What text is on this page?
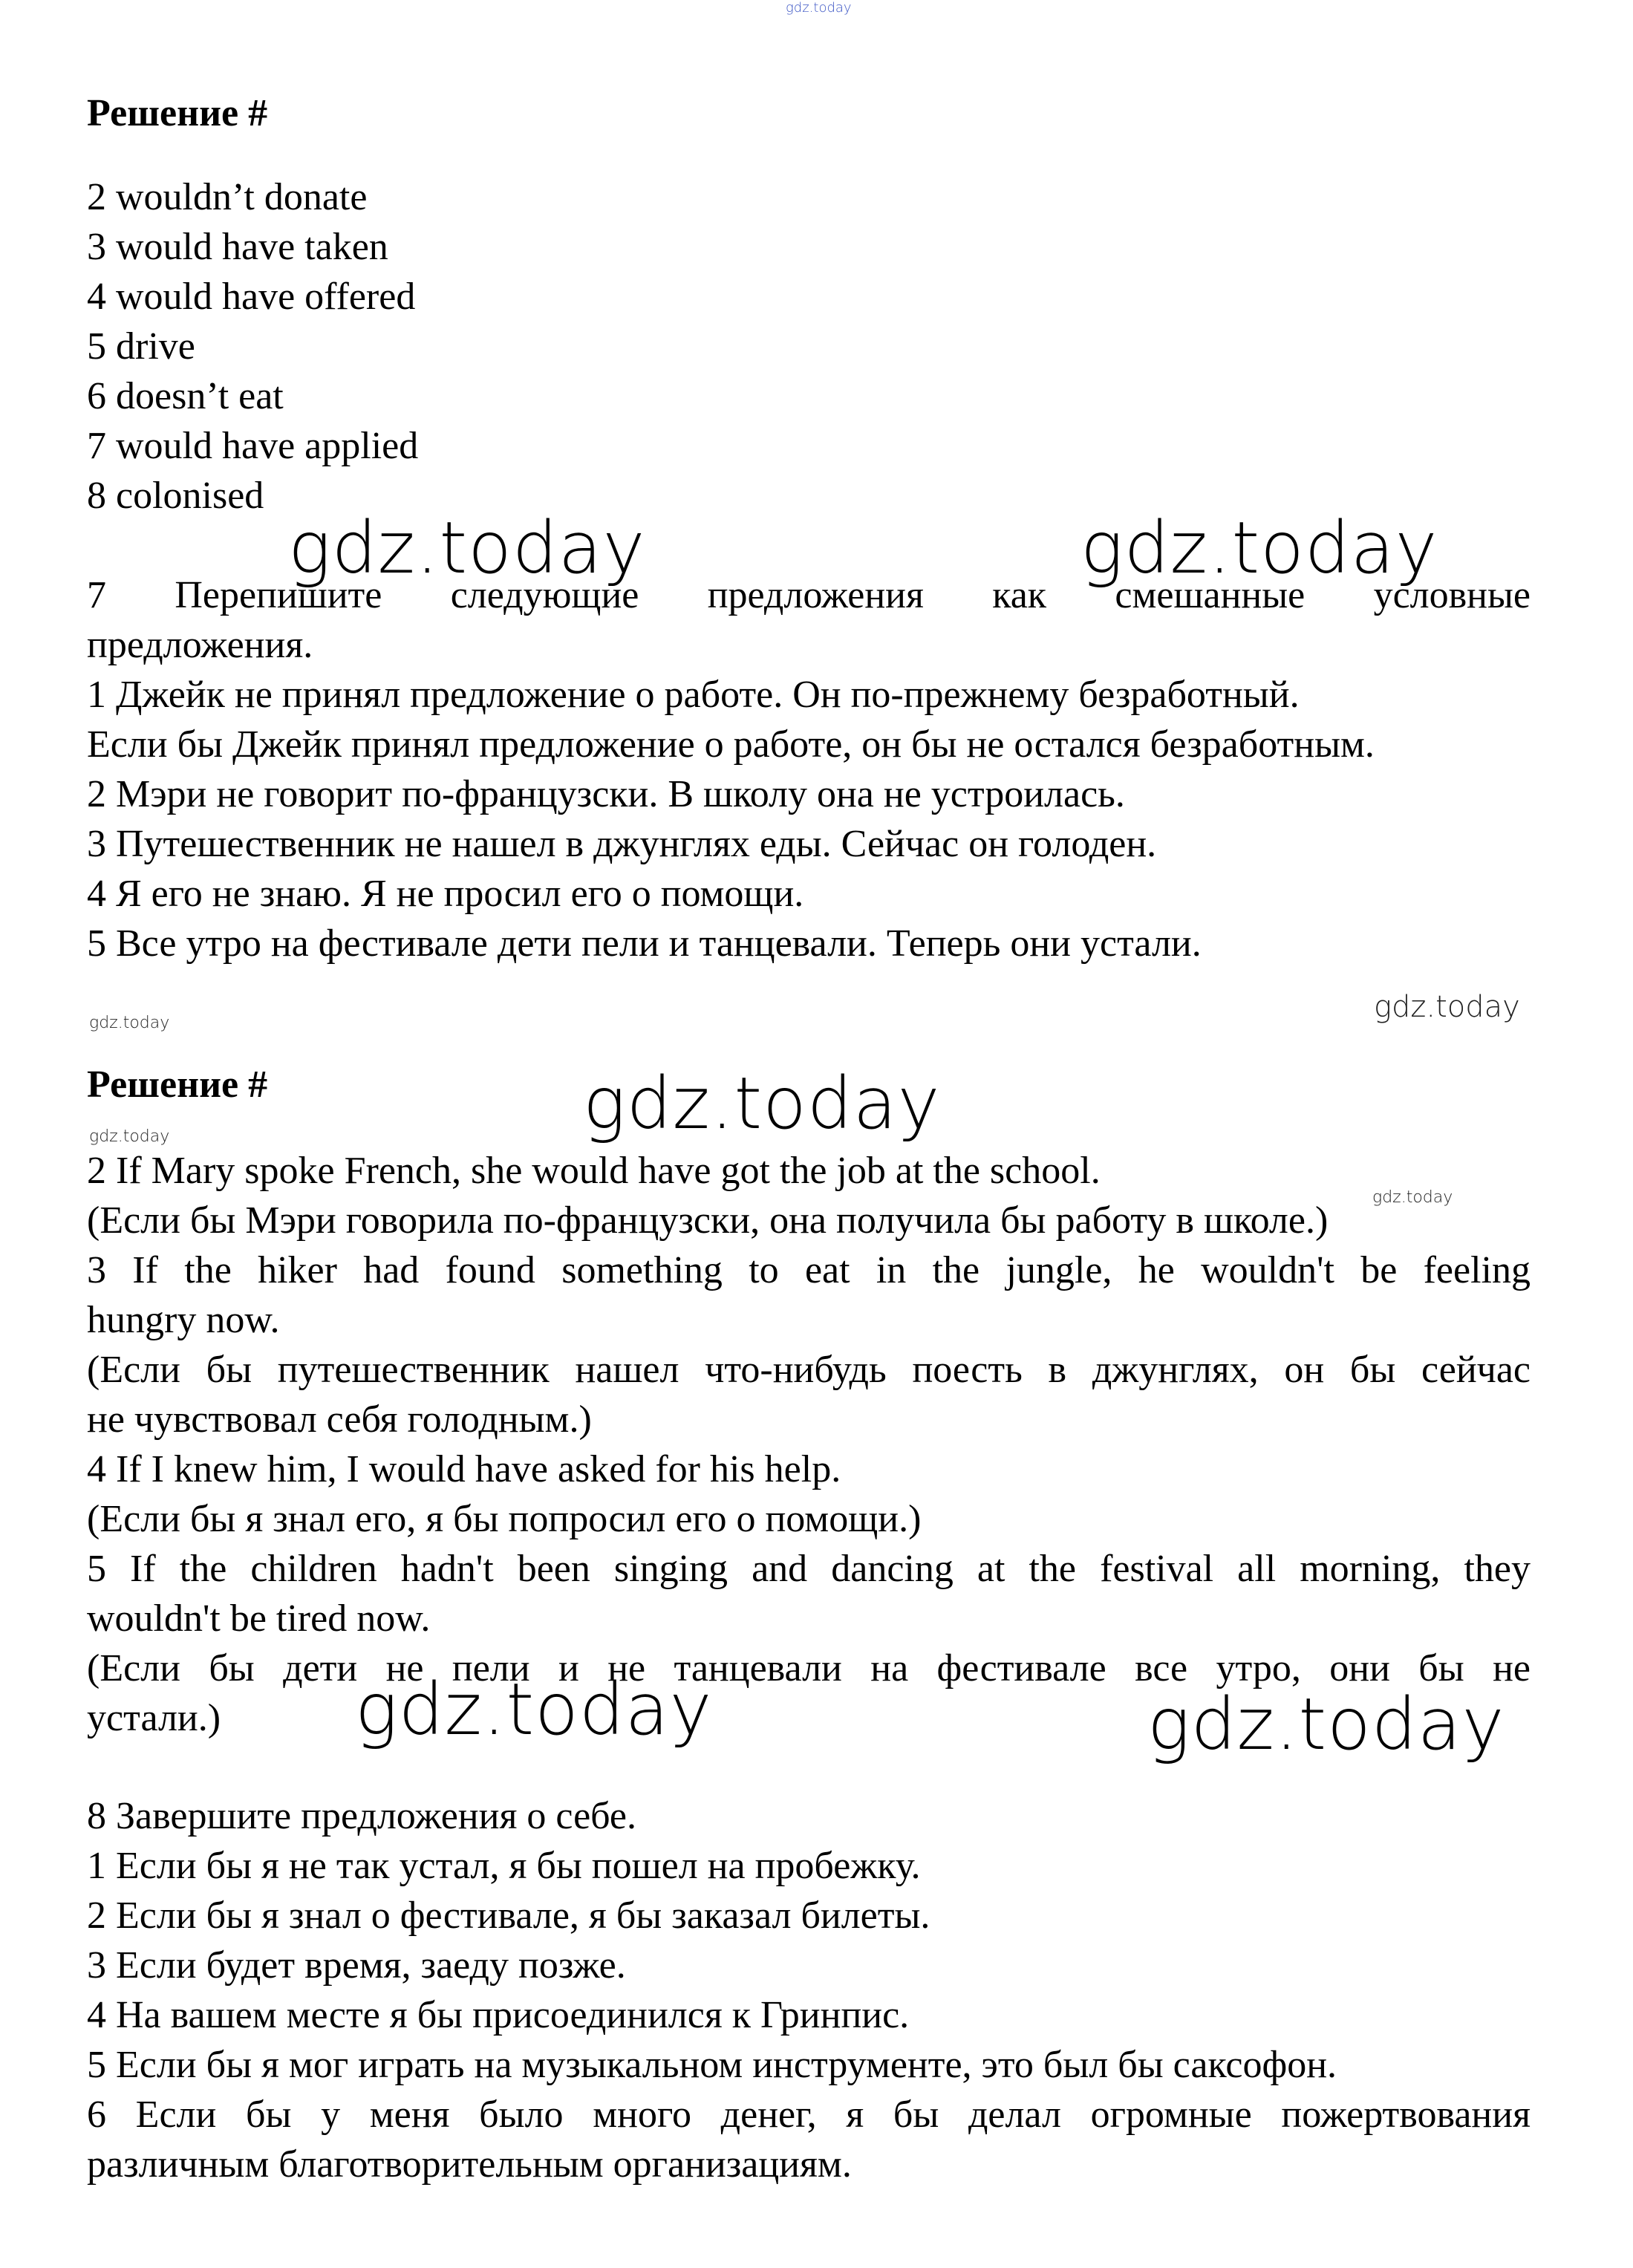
gdz.today
Решение #
2 wouldn’t donate
3 would have taken
4 would have offered
5 drive
6 doesn’t eat
7 would have applied
8 colonised
gdz.today	gdz.today
7 Перепишите следующие предложения как смешанные условные
предложения.
1 Джейк не принял предложение о работе. Он по-прежнему безработный.
Если бы Джейк принял предложение о работе, он бы не остался безработным.
2 Мэри не говорит по-французски. В школу она не устроилась.
3 Путешественник не нашел в джунглях еды. Сейчас он голоден.
4 Я его не знаю. Я не просил его о помощи.
5 Все утро на фестивале дети пели и танцевали. Теперь они устали.
gdz.today	gdz.today
Решение #	gdz.today
gdz.today
2 If Mary spoke French, she would have got the job at the school.
gdz.today
(Если бы Мэри говорила по-французски, она получила бы работу в школе.)
3 If the hiker had found something to eat in the jungle, he wouldn't be feeling
hungry now.
(Если бы путешественник нашел что-нибудь поесть в джунглях, он бы сейчас
не чувствовал себя голодным.)
4 If I knew him, I would have asked for his help.
(Если бы я знал его, я бы попросил его о помощи.)
5 If the children hadn't been singing and dancing at the festival all morning, they
wouldn't be tired now.
(Если бы дети не пели и не танцевали на фестивале все утро, они бы не
устали.)	gdz.today	gdz.today
8 Завершите предложения о себе.
1 Если бы я не так устал, я бы пошел на пробежку.
2 Если бы я знал о фестивале, я бы заказал билеты.
3 Если будет время, заеду позже.
4 На вашем месте я бы присоединился к Гринпис.
5 Если бы я мог играть на музыкальном инструменте, это был бы саксофон.
6 Если бы у меня было много денег, я бы делал огромные пожертвования
различным благотворительным организациям.
